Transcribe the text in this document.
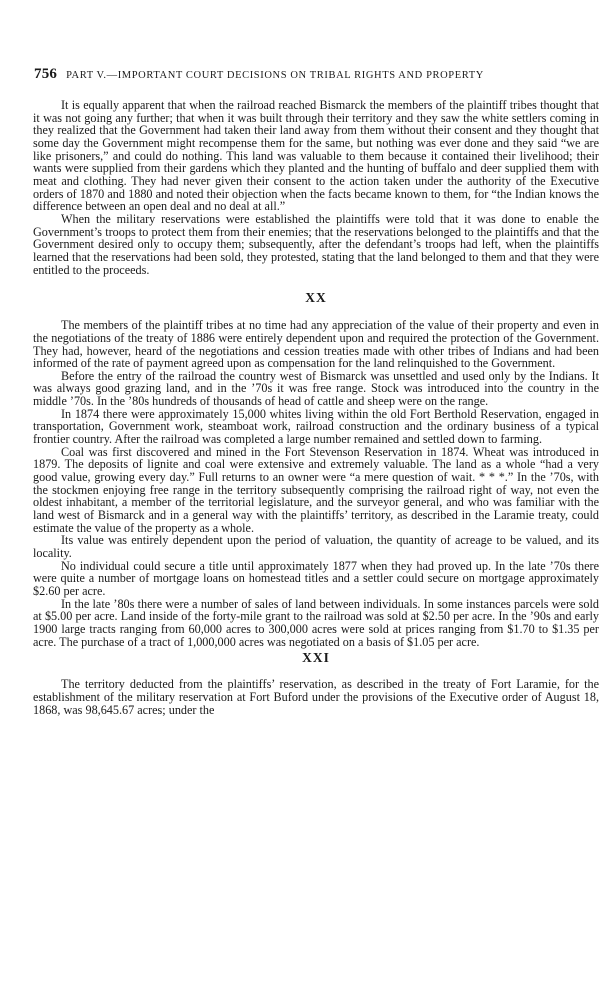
756 PART V.—IMPORTANT COURT DECISIONS ON TRIBAL RIGHTS AND PROPERTY

It is equally apparent that when the railroad reached Bismarck the members of the plaintiff tribes thought that it was not going any further; that when it was built through their territory and they saw the white settlers coming in they realized that the Government had taken their land away from them without their consent and they thought that some day the Government might recompense them for the same, but nothing was ever done and they said “we are like prisoners,” and could do nothing. This land was valuable to them because it contained their livelihood; their wants were supplied from their gardens which they planted and the hunting of buffalo and deer supplied them with meat and clothing. They had never given their consent to the action taken under the authority of the Executive orders of 1870 and 1880 and noted their objection when the facts became known to them, for “the Indian knows the difference between an open deal and no deal at all.”

When the military reservations were established the plaintiffs were told that it was done to enable the Government’s troops to protect them from their enemies; that the reservations belonged to the plaintiffs and that the Government desired only to occupy them; subsequently, after the defendant’s troops had left, when the plaintiffs learned that the reservations had been sold, they protested, stating that the land belonged to them and that they were entitled to the proceeds.

XX

The members of the plaintiff tribes at no time had any appreciation of the value of their property and even in the negotiations of the treaty of 1886 were entirely dependent upon and required the protection of the Government. They had, however, heard of the negotiations and cession treaties made with other tribes of Indians and had been informed of the rate of payment agreed upon as compensation for the land relinquished to the Government.

Before the entry of the railroad the country west of Bismarck was unsettled and used only by the Indians. It was always good grazing land, and in the ’70s it was free range. Stock was introduced into the country in the middle ’70s. In the ’80s hundreds of thousands of head of cattle and sheep were on the range.

In 1874 there were approximately 15,000 whites living within the old Fort Berthold Reservation, engaged in transportation, Government work, steamboat work, railroad construction and the ordinary business of a typical frontier country. After the railroad was completed a large number remained and settled down to farming.

Coal was first discovered and mined in the Fort Stevenson Reservation in 1874. Wheat was introduced in 1879. The deposits of lignite and coal were extensive and extremely valuable. The land as a whole “had a very good value, growing every day.” Full returns to an owner were “a mere question of wait. * * *.” In the ’70s, with the stockmen enjoying free range in the territory subsequently comprising the railroad right of way, not even the oldest inhabitant, a member of the territorial legislature, and the surveyor general, and who was familiar with the land west of Bismarck and in a general way with the plaintiffs’ territory, as described in the Laramie treaty, could estimate the value of the property as a whole.

Its value was entirely dependent upon the period of valuation, the quantity of acreage to be valued, and its locality.

No individual could secure a title until approximately 1877 when they had proved up. In the late ’70s there were quite a number of mortgage loans on homestead titles and a settler could secure on mortgage approximately $2.60 per acre.

In the late ’80s there were a number of sales of land between individuals. In some instances parcels were sold at $5.00 per acre. Land inside of the forty-mile grant to the railroad was sold at $2.50 per acre. In the ’90s and early 1900 large tracts ranging from 60,000 acres to 300,000 acres were sold at prices ranging from $1.70 to $1.35 per acre. The purchase of a tract of 1,000,000 acres was negotiated on a basis of $1.05 per acre.

XXI

The territory deducted from the plaintiffs’ reservation, as described in the treaty of Fort Laramie, for the establishment of the military reservation at Fort Buford under the provisions of the Executive order of August 18, 1868, was 98,645.67 acres; under the
